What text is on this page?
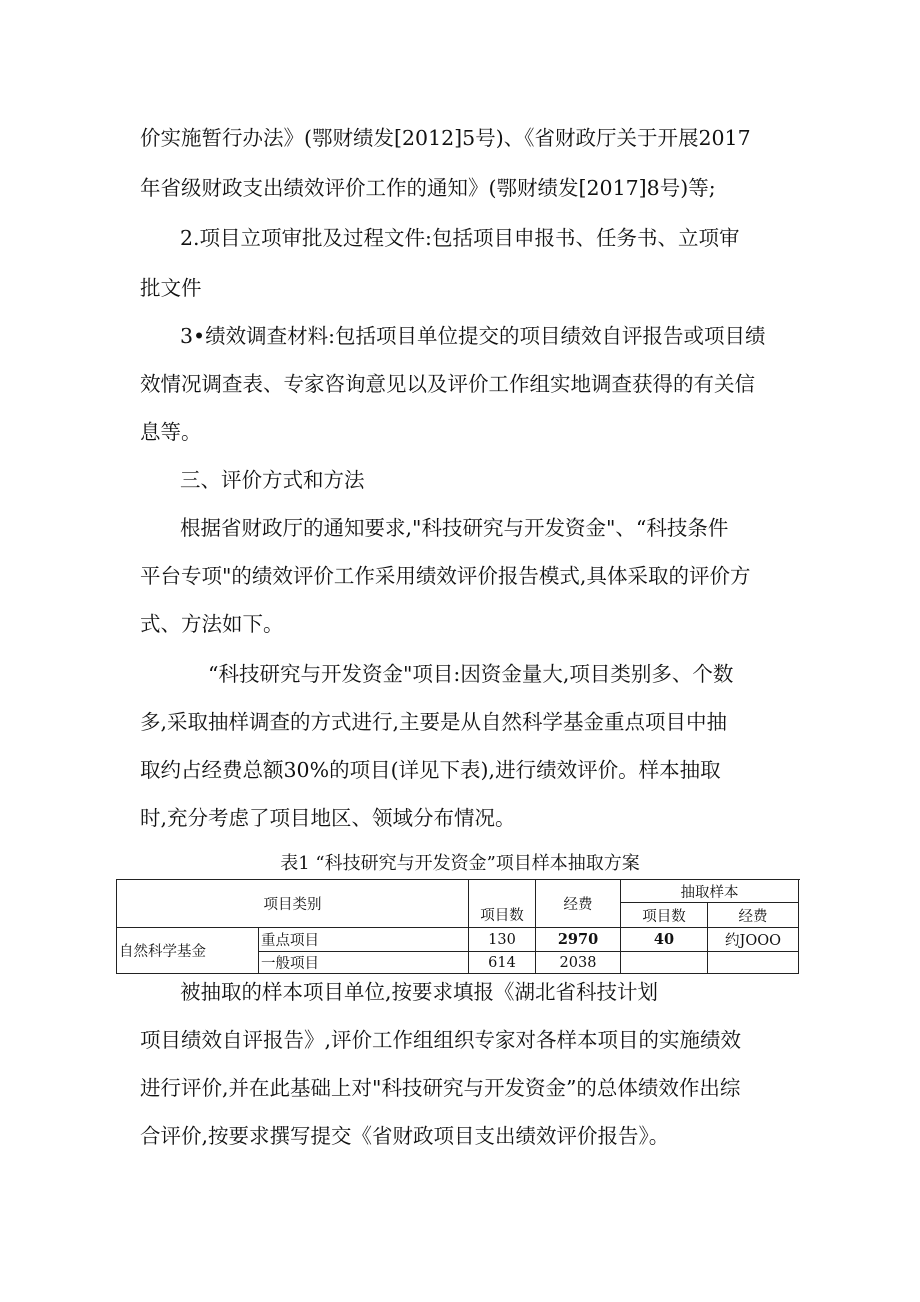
价实施暂行办法》(鄂财绩发[2012]5号)、《省财政厅关于开展2017
年省级财政支出绩效评价工作的通知》(鄂财绩发[2017]8号)等;
2.项目立项审批及过程文件:包括项目申报书、任务书、立项审
批文件
3•绩效调查材料:包括项目单位提交的项目绩效自评报告或项目绩
效情况调查表、专家咨询意见以及评价工作组实地调查获得的有关信
息等。
三、评价方式和方法
根据省财政厅的通知要求,"科技研究与开发资金"、“科技条件
平台专项"的绩效评价工作采用绩效评价报告模式,具体采取的评价方
式、方法如下。
“科技研究与开发资金"项目:因资金量大,项目类别多、个数
多,采取抽样调查的方式进行,主要是从自然科学基金重点项目中抽
取约占经费总额30%的项目(详见下表),进行绩效评价。样本抽取
时,充分考虑了项目地区、领域分布情况。
表1 “科技研究与开发资金”项目样本抽取方案
项目类别		项目数	经费	抽取样本		
				项目数	经费	
自然科学基金	重点项目	130	2970	40	约JOOO	
	一般项目	614	2038			
被抽取的样本项目单位,按要求填报《湖北省科技计划
项目绩效自评报告》,评价工作组组织专家对各样本项目的实施绩效
进行评价,并在此基础上对"科技研究与开发资金”的总体绩效作出综
合评价,按要求撰写提交《省财政项目支出绩效评价报告》。
